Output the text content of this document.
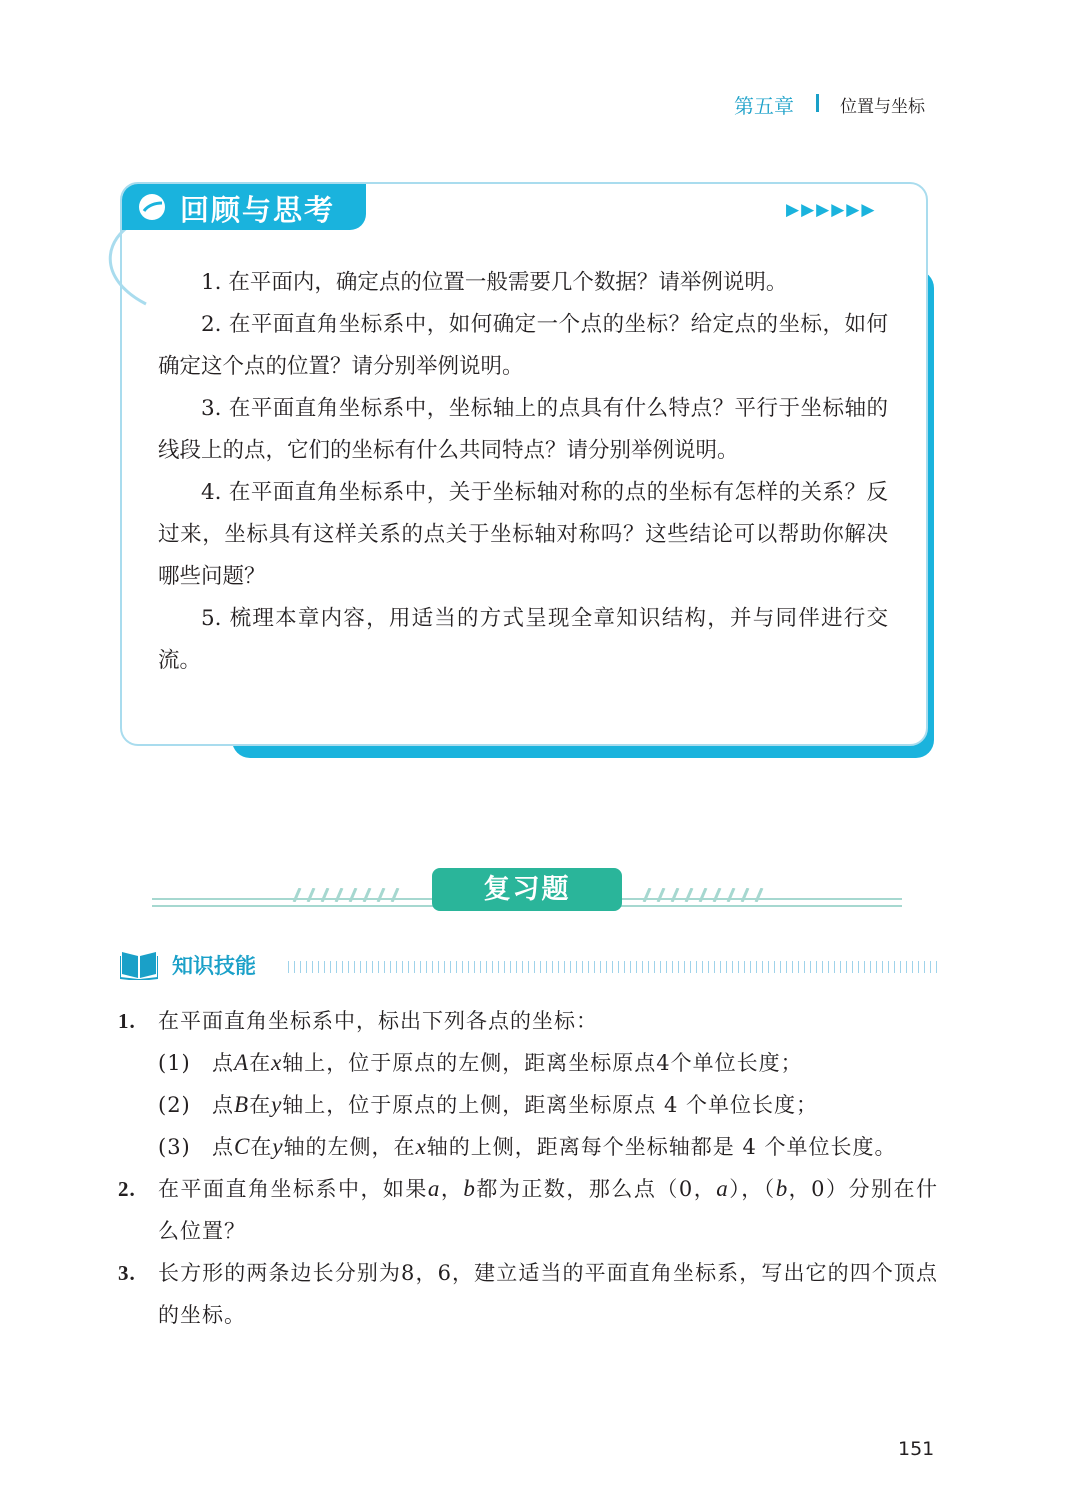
第五章	位置与坐标
回顾与思考	▶▶▶▶▶▶

1. 在平面内，确定点的位置一般需要几个数据？请举例说明。

2. 在平面直角坐标系中，如何确定一个点的坐标？给定点的坐标，如何确定这个点的位置？请分别举例说明。

3. 在平面直角坐标系中，坐标轴上的点具有什么特点？平行于坐标轴的线段上的点，它们的坐标有什么共同特点？请分别举例说明。

4. 在平面直角坐标系中，关于坐标轴对称的点的坐标有怎样的关系？反过来，坐标具有这样关系的点关于坐标轴对称吗？这些结论可以帮助你解决哪些问题？

5. 梳理本章内容，用适当的方式呈现全章知识结构，并与同伴进行交流。

复习题
知识技能
1. 在平面直角坐标系中，标出下列各点的坐标：
(1) 点A在x轴上，位于原点的左侧，距离坐标原点4个单位长度；
(2) 点B在y轴上，位于原点的上侧，距离坐标原点 4 个单位长度；
(3) 点C在y轴的左侧，在x轴的上侧，距离每个坐标轴都是 4 个单位长度。
2. 在平面直角坐标系中，如果a，b都为正数，那么点（0，a），（b，0）分别在什么位置？
3. 长方形的两条边长分别为8，6，建立适当的平面直角坐标系，写出它的四个顶点的坐标。
151
